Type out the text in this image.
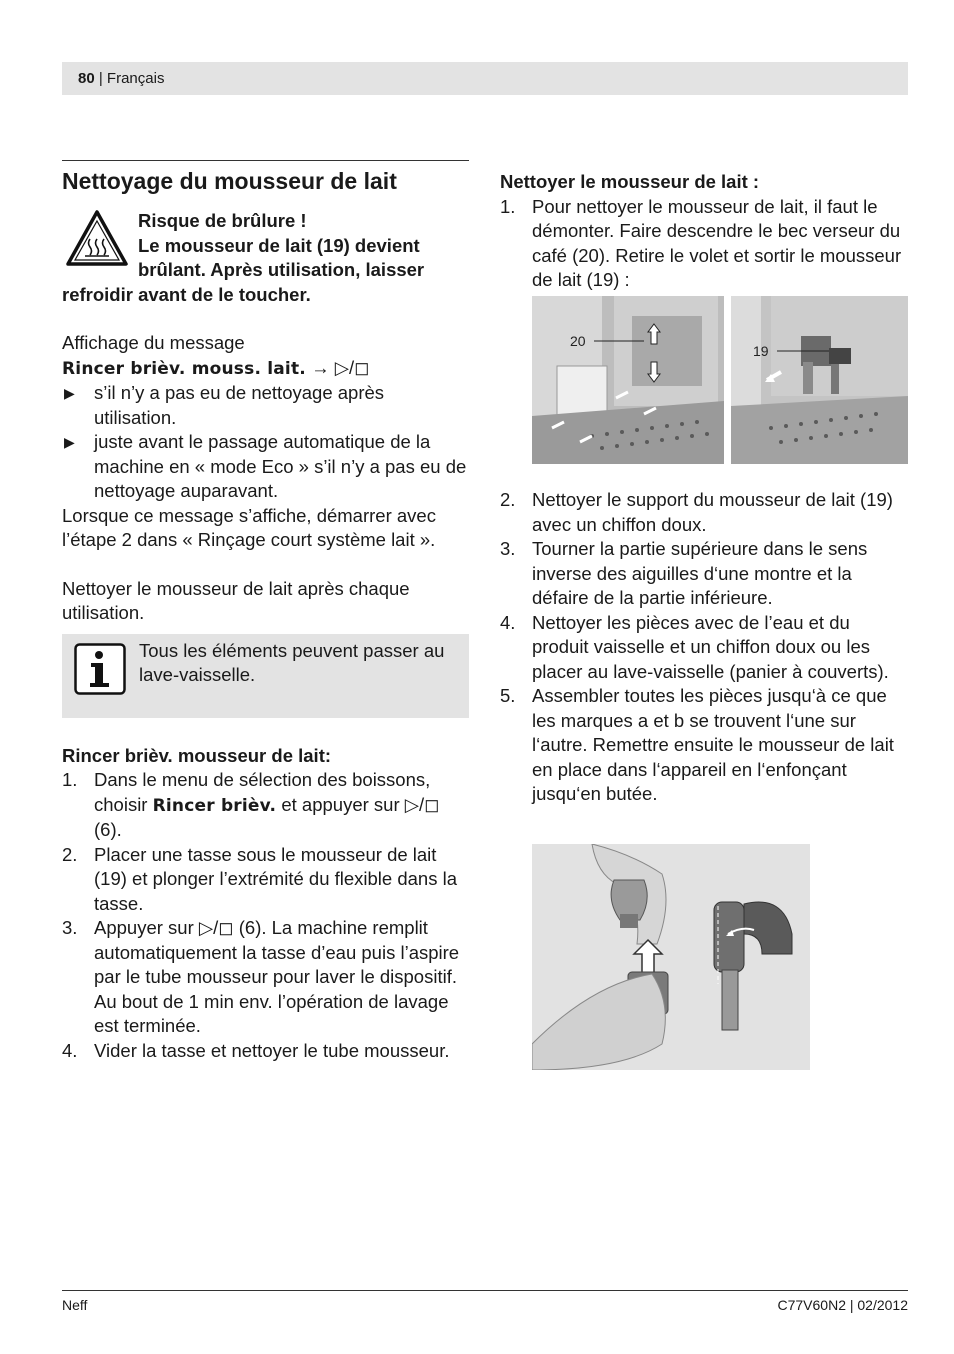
80 | Français
Nettoyage du mousseur de lait
Risque de brûlure !
Le mousseur de lait (19) devient
brûlant. Après utilisation, laisser
refroidir avant de le toucher.

Affichage du message

Rincer brièv. mouss. lait. → ▷/◻

▶ s’il n’y a pas eu de nettoyage après utilisation.
▶ juste avant le passage automatique de la machine en « mode Eco » s’il n’y a pas eu de nettoyage auparavant.

Lorsque ce message s’affiche, démarrer avec l’étape 2 dans « Rinçage court système lait ».

Nettoyer le mousseur de lait après chaque utilisation.

Tous les éléments peuvent passer au lave-vaisselle.

Rincer brièv. mousseur de lait:

1. Dans le menu de sélection des boissons, choisir Rincer brièv. et appuyer sur ▷/◻ (6).
2. Placer une tasse sous le mousseur de lait (19) et plonger l’extrémité du flexible dans la tasse.
3. Appuyer sur ▷/◻ (6). La machine remplit automatiquement la tasse d’eau puis l’aspire par le tube mousseur pour laver le dispositif. Au bout de 1 min env. l’opération de lavage est terminée.
4. Vider la tasse et nettoyer le tube mousseur.

Nettoyer le mousseur de lait :

1. Pour nettoyer le mousseur de lait, il faut le démonter. Faire descendre le bec verseur du café (20). Retire le volet et sortir le mousseur de lait (19) :
20
19
2. Nettoyer le support du mousseur de lait (19) avec un chiffon doux.
3. Tourner la partie supérieure dans le sens inverse des aiguilles d‘une montre et la défaire de la partie inférieure.
4. Nettoyer les pièces avec de l’eau et du produit vaisselle et un chiffon doux ou les placer au lave-vaisselle (panier à couverts).
5. Assembler toutes les pièces jusqu‘à ce que les marques a et b se trouvent l‘une sur l‘autre. Remettre ensuite le mousseur de lait en place dans l‘appareil en l‘enfonçant jusqu‘en butée.
Neff	C77V60N2 | 02/2012
